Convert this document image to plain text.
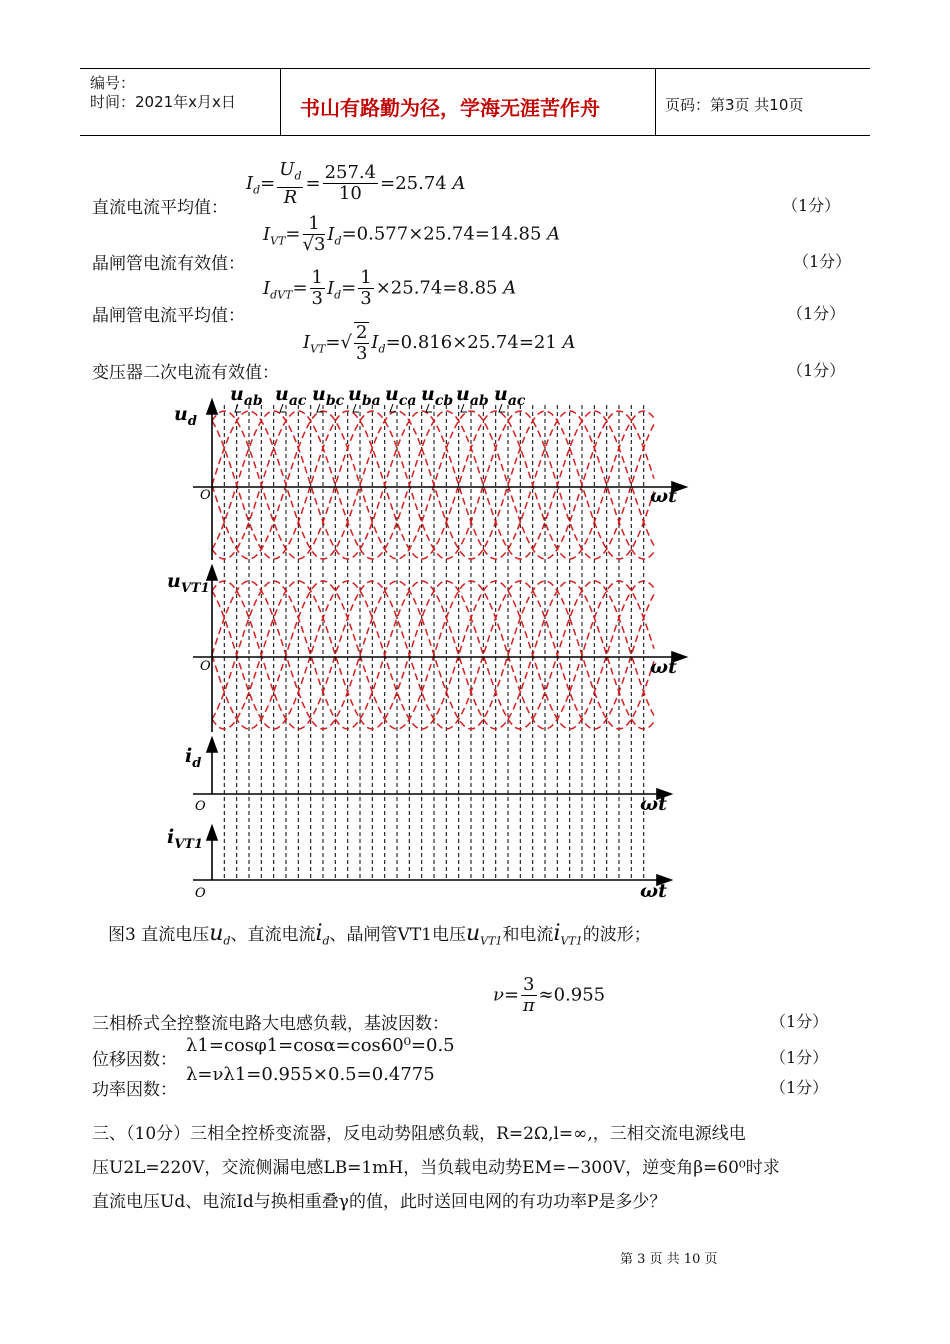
编号：
时间：2021年x月x日	书山有路勤为径，学海无涯苦作舟	页码：第3页 共10页
直流电流平均值：
$I_d= \frac{U_d}{R} = \frac{257.4}{10} =25.74$ A
（1分）
晶闸管电流有效值：
$I_{VT}= \frac{1}{√3} I_d=0.577\times 25.74=14.85$ A
（1分）
晶闸管电流平均值：
$I_{dVT}= \frac{1}{3} I_d= \frac{1}{3} \times 25.74=8.85$ A
（1分）
变压器二次电流有效值：
$I_{VT}=√ \frac{2}{3} I_d=0.816\times 25.74=21$ A
（1分）
$u_{ab}$ $u_{ac}$ $u_{bc}$ $u_{ba}$ $u_{ca}$ $u_{cb}$ $u_{ab}$ $u_{ac}$
$u_d$
O	ωt
$u_{VT1}$
O	ωt
$i_d$
O	ωt
$i_{VT1}$
O	ωt
图3 直流电压$u_d$、直流电流$i_d$、晶闸管VT1电压$u_{VT1}$和电流$i_{VT1}$的波形；
三相桥式全控整流电路大电感负载，基波因数：
$\nu= \frac{3}{\pi} \approx 0.955$
（1分）
位移因数：
λ1=cosφ1=cosα=cos60⁰=0.5
（1分）
功率因数：
λ=νλ1=0.955×0.5=0.4775
（1分）
三、（10分）三相全控桥变流器，反电动势阻感负载，R=2Ω,l=∞,，三相交流电源线电
压U2L=220V，交流侧漏电感LB=1mH，当负载电动势EM=−300V，逆变角β=60⁰时求
直流电压Ud、电流Id与换相重叠γ的值，此时送回电网的有功功率P是多少？
第 3 页 共 10 页
